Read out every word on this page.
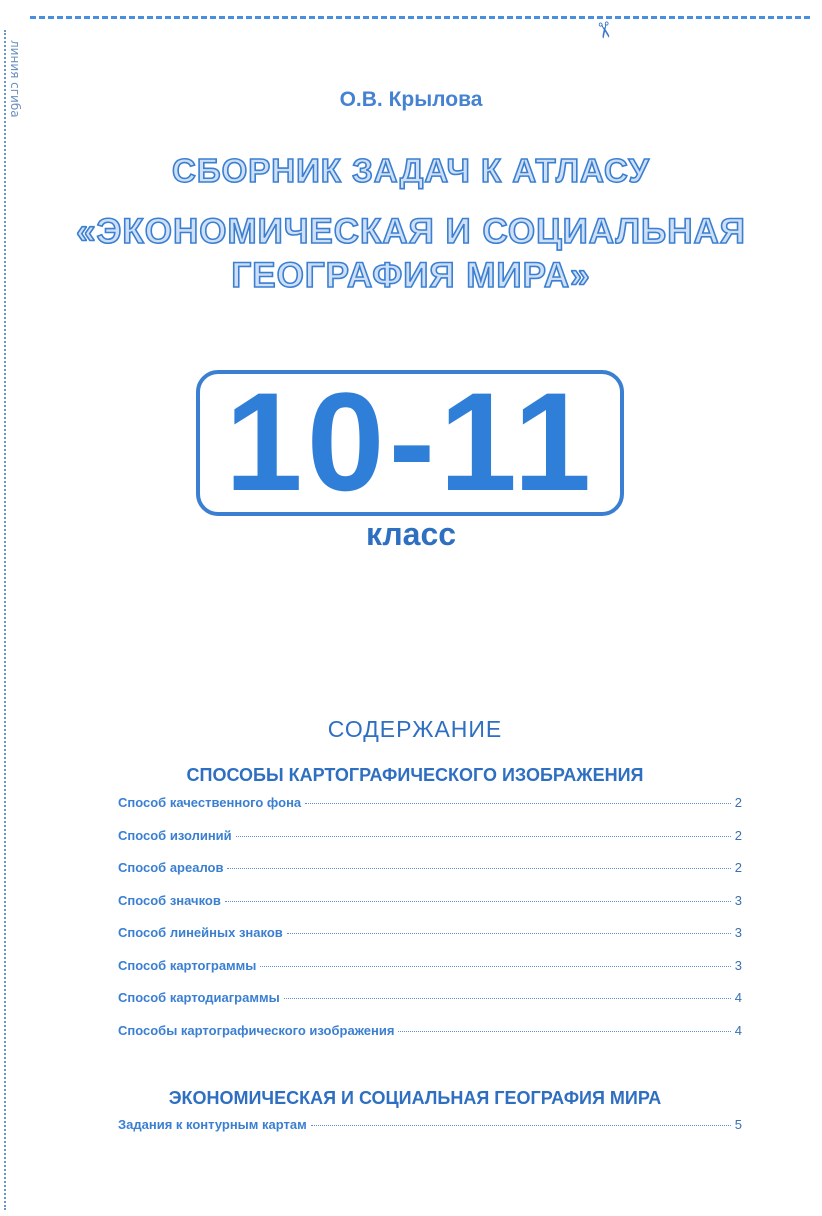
✂
линия сгиба	О.В. Крылова
СБОРНИК ЗАДАЧ К АТЛАСУ
«ЭКОНОМИЧЕСКАЯ И СОЦИАЛЬНАЯ
ГЕОГРАФИЯ МИРА»
10-11
класс
СОДЕРЖАНИЕ
СПОСОБЫ КАРТОГРАФИЧЕСКОГО ИЗОБРАЖЕНИЯ
Способ качественного фона	2
Способ изолиний	2
Способ ареалов	2
Способ значков	3
Способ линейных знаков	3
Способ картограммы	3
Способ картодиаграммы	4
Способы картографического изображения	4
ЭКОНОМИЧЕСКАЯ И СОЦИАЛЬНАЯ ГЕОГРАФИЯ МИРА
Задания к контурным картам	5
